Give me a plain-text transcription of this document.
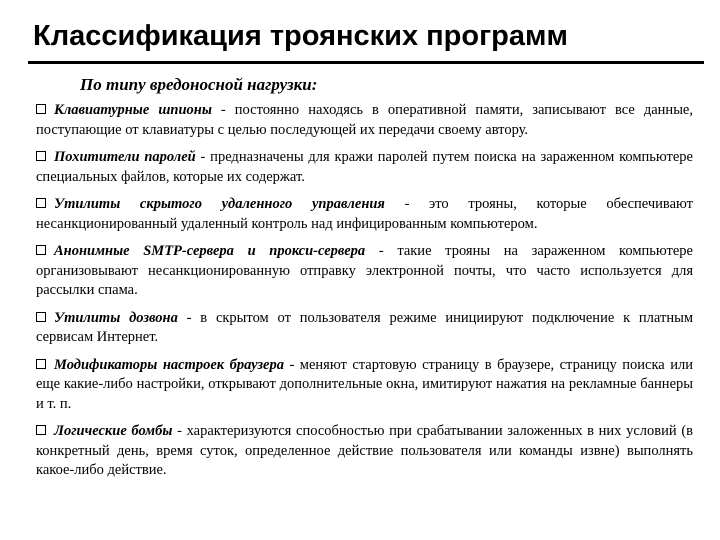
Классификация троянских программ
По типу вредоносной нагрузки:
Клавиатурные шпионы - постоянно находясь в оперативной памяти, записывают все данные, поступающие от клавиатуры с целью последующей их передачи своему автору.
Похитители паролей - предназначены для кражи паролей путем поиска на зараженном компьютере специальных файлов, которые их содержат.
Утилиты скрытого удаленного управления - это трояны, которые обеспечивают несанкционированный удаленный контроль над инфицированным компьютером.
Анонимные SMTP-сервера и прокси-сервера - такие трояны на зараженном компьютере организовывают несанкционированную отправку электронной почты, что часто используется для рассылки спама.
Утилиты дозвона - в скрытом от пользователя режиме инициируют подключение к платным сервисам Интернет.
Модификаторы настроек браузера - меняют стартовую страницу в браузере, страницу поиска или еще какие-либо настройки, открывают дополнительные окна, имитируют нажатия на рекламные баннеры и т. п.
Логические бомбы - характеризуются способностью при срабатывании заложенных в них условий (в конкретный день, время суток, определенное действие пользователя или команды извне) выполнять какое-либо действие.
